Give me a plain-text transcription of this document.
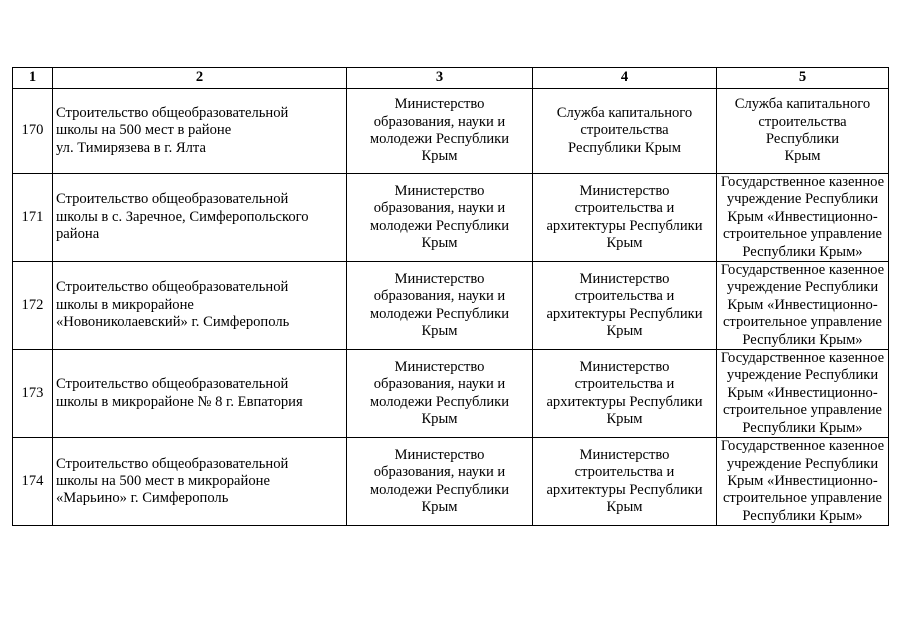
1	2	3	4	5
170	Строительство общеобразовательной
школы на 500 мест в районе
ул. Тимирязева в г. Ялта	Министерство
образования, науки и
молодежи Республики
Крым	Служба капитального
строительства
Республики Крым	Служба капитального
строительства Республики
Крым

171	Строительство общеобразовательной
школы в с. Заречное, Симферопольского
района	Министерство
образования, науки и
молодежи Республики
Крым	Министерство
строительства и
архитектуры Республики
Крым	Государственное казенное
учреждение Республики
Крым «Инвестиционно-
строительное управление
Республики Крым»

172	Строительство общеобразовательной
школы в микрорайоне
«Новониколаевский» г. Симферополь	Министерство
образования, науки и
молодежи Республики
Крым	Министерство
строительства и
архитектуры Республики
Крым	Государственное казенное
учреждение Республики
Крым «Инвестиционно-
строительное управление
Республики Крым»

173	Строительство общеобразовательной
школы в микрорайоне № 8 г. Евпатория	Министерство
образования, науки и
молодежи Республики
Крым	Министерство
строительства и
архитектуры Республики
Крым	Государственное казенное
учреждение Республики
Крым «Инвестиционно-
строительное управление
Республики Крым»

174	Строительство общеобразовательной
школы на 500 мест в микрорайоне
«Марьино» г. Симферополь	Министерство
образования, науки и
молодежи Республики
Крым	Министерство
строительства и
архитектуры Республики
Крым	Государственное казенное
учреждение Республики
Крым «Инвестиционно-
строительное управление
Республики Крым»
